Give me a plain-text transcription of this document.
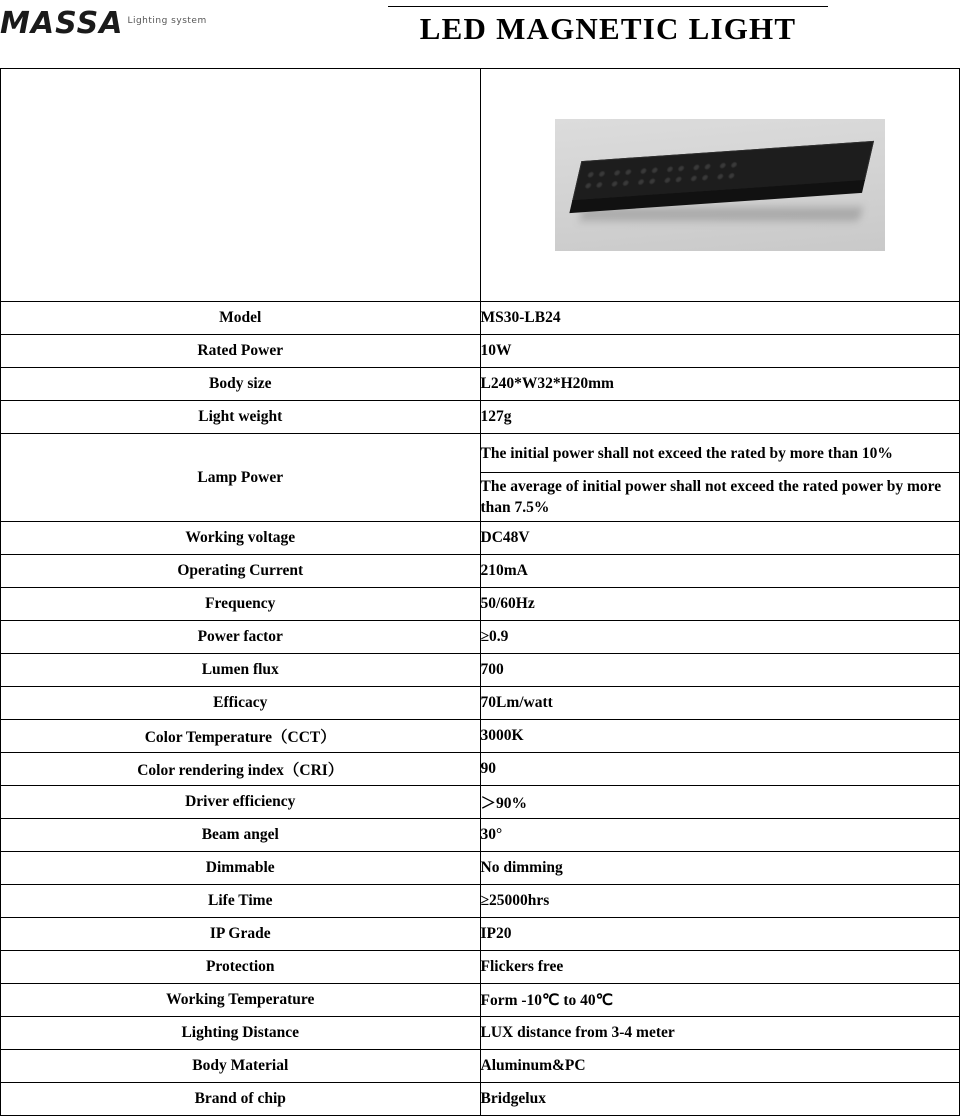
MASSA Lighting system	LED MAGNETIC LIGHT

Model	MS30-LB24
Rated Power	10W
Body size	L240*W32*H20mm
Light weight	127g
Lamp Power	The initial power shall not exceed the rated by more than 10%
	The average of initial power shall not exceed the rated power by more than 7.5%
Working voltage	DC48V
Operating Current	210mA
Frequency	50/60Hz
Power factor	≥0.9
Lumen flux	700
Efficacy	70Lm/watt
Color Temperature（CCT）	3000K
Color rendering index（CRI）	90
Driver efficiency	＞90%
Beam angel	30°
Dimmable	No dimming
Life Time	≥25000hrs
IP Grade	IP20
Protection	Flickers free
Working Temperature	Form -10℃ to 40℃
Lighting Distance	LUX distance from 3-4 meter
Body Material	Aluminum&PC
Brand of chip	Bridgelux
